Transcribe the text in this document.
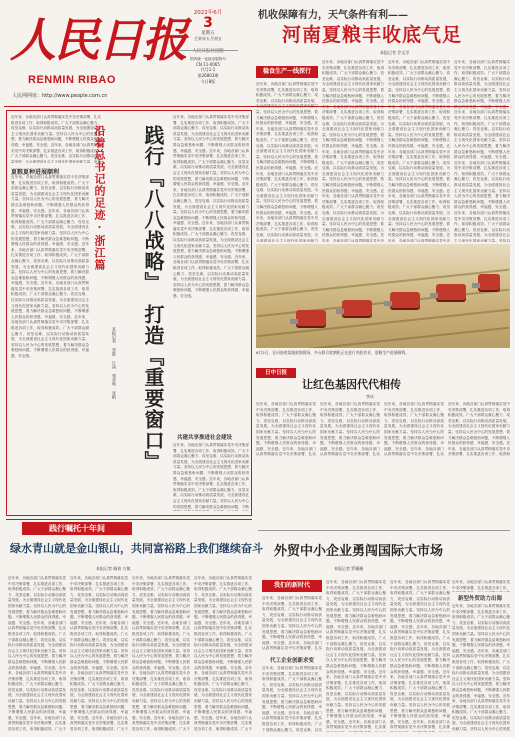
人民日报
RENMIN RIBAO
人民网网址：http://www.people.com.cn
2022年6月
3
星期五
壬寅年五月初五
人民日报社出版
国内统一连续出版物号
CN 11-0065
代号1-1
第26803期
今日8版
机收保障有力，天气条件有利——
河南夏粮丰收底气足
本报记者 乔文学
稳食生产一线探行
近年来，各地各部门认真贯彻落实党中央决策部署，扎实推进各项工作，取得积极成效。广大干部群众凝心聚力、攻坚克难，以实际行动推动高质量发展，为全面建设社会主义现代化国家贡献力量。坚持以人民为中心的发展思想，着力解决群众急难愁盼问题，不断增强人民群众的获得感、幸福感、安全感。近年来，各地各部门认真贯彻落实党中央决策部署，扎实推进各项工作，取得积极成效。广大干部群众凝心聚力、攻坚克难，以实际行动推动高质量发展，为全面建设社会主义现代化国家贡献力量。坚持以人民为中心的发展思想，着力解决群众急难愁盼问题，不断增强人民群众的获得感、幸福感、安全感。近年来，各地各部门认真贯彻落实党中央决策部署，扎实推进各项工作，取得积极成效。广大干部群众凝心聚力、攻坚克难，以实际行动推动高质量发展，为全面建设社会主义现代化国家贡献力量。坚持以人民为中心的发展思想，着力解决群众急难愁盼问题，不断增强人民群众的获得感、幸福感、安全感。近年来，各地各部门认真贯彻落实党中央决策部署，扎实推进各项工作，取得积极成效。广大干部群众凝心聚力、攻坚克难，以实际行动推动高质量发展，为全面建设社会主义现代化国家贡献力
近年来，各地各部门认真贯彻落实党中央决策部署，扎实推进各项工作，取得积极成效。广大干部群众凝心聚力、攻坚克难，以实际行动推动高质量发展，为全面建设社会主义现代化国家贡献力量。坚持以人民为中心的发展思想，着力解决群众急难愁盼问题，不断增强人民群众的获得感、幸福感、安全感。近年来，各地各部门认真贯彻落实党中央决策部署，扎实推进各项工作，取得积极成效。广大干部群众凝心聚力、攻坚克难，以实际行动推动高质量发展，为全面建设社会主义现代化国家贡献力量。坚持以人民为中心的发展思想，着力解决群众急难愁盼问题，不断增强人民群众的获得感、幸福感、安全感。近年来，各地各部门认真贯彻落实党中央决策部署，扎实推进各项工作，取得积极成效。广大干部群众凝心聚力、攻坚克难，以实际行动推动高质量发展，为全面建设社会主义现代化国家贡献力量。坚持以人民为中心的发展思想，着力解决群众急难愁盼问题，不断增强人民群众的获得感、幸福感、安全感。近年来，各地各部门认真贯彻落实党中央决策部署，扎实推进各项工作，取得积极成效。广大干部群众凝心聚力、攻坚克难，以实际行动推动高质量发展，为全面建设社会主义现代化国家贡献力量。坚持以人民为中心的发展思想，着力解决群众急难愁盼问题，不断增强人民群众的获得感、幸福感、安全感。近年来，各地各部门认真贯彻落实党中央
近年来，各地各部门认真贯彻落实党中央决策部署，扎实推进各项工作，取得积极成效。广大干部群众凝心聚力、攻坚克难，以实际行动推动高质量发展，为全面建设社会主义现代化国家贡献力量。坚持以人民为中心的发展思想，着力解决群众急难愁盼问题，不断增强人民群众的获得感、幸福感、安全感。近年来，各地各部门认真贯彻落实党中央决策部署，扎实推进各项工作，取得积极成效。广大干部群众凝心聚力、攻坚克难，以实际行动推动高质量发展，为全面建设社会主义现代化国家贡献力量。坚持以人民为中心的发展思想，着力解决群众急难愁盼问题，不断增强人民群众的获得感、幸福感、安全感。近年来，各地各部门认真贯彻落实党中央决策部署，扎实推进各项工作，取得积极成效。广大干部群众凝心聚力、攻坚克难，以实际行动推动高质量发展，为全面建设社会主义现代化国家贡献力量。坚持以人民为中心的发展思想，着力解决群众急难愁盼问题，不断增强人民群众的获得感、幸福感、安全感。近年来，各地各部门认真贯彻落实党中央决策部署，扎实推进各项工作，取得积极成效。广大干部群众凝心聚力、攻坚克难，以实际行动推动高质量发展，为全面建设社会主义现代化国家贡献力量。坚持以人民为中心的发展思想，着力解决群众急难愁盼问题，不断增强人民群众的获得感、幸福感、安全感。近年来，各地各部门认真贯彻落实党中央
近年来，各地各部门认真贯彻落实党中央决策部署，扎实推进各项工作，取得积极成效。广大干部群众凝心聚力、攻坚克难，以实际行动推动高质量发展，为全面建设社会主义现代化国家贡献力量。坚持以人民为中心的发展思想，着力解决群众急难愁盼问题，不断增强人民群众的获得感、幸福感、安全感。近年来，各地各部门认真贯彻落实党中央决策部署，扎实推进各项工作，取得积极成效。广大干部群众凝心聚力、攻坚克难，以实际行动推动高质量发展，为全面建设社会主义现代化国家贡献力量。坚持以人民为中心的发展思想，着力解决群众急难愁盼问题，不断增强人民群众的获得感、幸福感、安全感。近年来，各地各部门认真贯彻落实党中央决策部署，扎实推进各项工作，取得积极成效。广大干部群众凝心聚力、攻坚克难，以实际行动推动高质量发展，为全面建设社会主义现代化国家贡献力量。坚持以人民为中心的发展思想，着力解决群众急难愁盼问题，不断增强人民群众的获得感、幸福感、安全感。近年来，各地各部门认真贯彻落实党中央决策部署，扎实推进各项工作，取得积极成效。广大干部群众凝心聚力、攻坚克难，以实际行动推动高质量发展，为全面建设社会主义现代化国家贡献力量。坚持以
6月2日，在河南省某地收割现场，多台联合收割机正在进行麦收作业，夏粮生产进展顺利。
日中日报
让红色基因代代相传
李庆
近年来，各地各部门认真贯彻落实党中央决策部署，扎实推进各项工作，取得积极成效。广大干部群众凝心聚力、攻坚克难，以实际行动推动高质量发展，为全面建设社会主义现代化国家贡献力量。坚持以人民为中心的发展思想，着力解决群众急难愁盼问题，不断增强人民群众的获得感、幸福感、安全感。近年来，各地各部门认真贯彻落实党中央决策部署，扎实
近年来，各地各部门认真贯彻落实党中央决策部署，扎实推进各项工作，取得积极成效。广大干部群众凝心聚力、攻坚克难，以实际行动推动高质量发展，为全面建设社会主义现代化国家贡献力量。坚持以人民为中心的发展思想，着力解决群众急难愁盼问题，不断增强人民群众的获得感、幸福感、安全感。近年来，各地各部门认真贯彻落实党中央决策部署，扎实
近年来，各地各部门认真贯彻落实党中央决策部署，扎实推进各项工作，取得积极成效。广大干部群众凝心聚力、攻坚克难，以实际行动推动高质量发展，为全面建设社会主义现代化国家贡献力量。坚持以人民为中心的发展思想，着力解决群众急难愁盼问题，不断增强人民群众的获得感、幸福感、安全感。近年来，各地各部门认真贯彻落实党中央决策部署，扎实
近年来，各地各部门认真贯彻落实党中央决策部署，扎实推进各项工作，取得积极成效。广大干部群众凝心聚力、攻坚克难，以实际行动推动高质量发展，为全面建设社会主义现代化国家贡献力量。坚持以人民为中心的发展思想，着力解决群众急难愁盼问题，不断增强人民群众的获得感、幸福感、安全感。近年来，各地各部门认真贯彻落实党中央决策部署，扎实推进各项工作，取得积
近年来，各地各部门认真贯彻落实党中央决策部署，扎实推进各项工作，取得积极成效。广大干部群众凝心聚力、攻坚克难，以实际行动推动高质量发展，为全面建设社会主义现代化国家贡献力量。坚持以人民为中心的发展思想，着力解决群众急难愁盼问题，不断增强人民群众的获得感、幸福感、安全感。近年来，各地各部门认真贯彻落实党中央决策部署，扎实推进各项工作，取得积极成效。广大干部群众凝心聚力、攻坚克难，以实际行动推动高质量发展，为全面建设社会主义现代化国家贡献力量。坚持
沿着总书记的足迹·浙江篇
夏粮夏种进展顺利
近年来，各地各部门认真贯彻落实党中央决策部署，扎实推进各项工作，取得积极成效。广大干部群众凝心聚力、攻坚克难，以实际行动推动高质量发展，为全面建设社会主义现代化国家贡献力量。坚持以人民为中心的发展思想，着力解决群众急难愁盼问题，不断增强人民群众的获得感、幸福感、安全感。近年来，各地各部门认真贯彻落实党中央决策部署，扎实推进各项工作，取得积极成效。广大干部群众凝心聚力、攻坚克难，以实际行动推动高质量发展，为全面建设社会主义现代化国家贡献力量。坚持以人民为中心的发展思想，着力解决群众急难愁盼问题，不断增强人民群众的获得感、幸福感、安全感。近年来，各地各部门认真贯彻落实党中央决策部署，扎实推进各项工作，取得积极成效。广大干部群众凝心聚力、攻坚克难，以实际行动推动高质量发展，为全面建设社会主义现代化国家贡献力量。坚持以人民为中心的发展思想，着力解决群众急难愁盼问题，不断增强人民群众的获得感、幸福感、安全感。近年来，各地各部门认真贯彻落实党中央决策部署，扎实推进各项工作，取得积极成效。广大干部群众凝心聚力、攻坚克难，以实际行动推动高质量发展，为全面建设社会主义现代化国家贡献力量。坚持以人民为中心的发展思想，着力解决群众急难愁盼问题，不断增强人民群众的获得感、幸福感、安全感。近年来，各地各部门认真贯彻落实党中央决策部署，扎实推进各项工作，取得积极成效。广大干部群众凝心聚力、攻坚克难，以实际行动推动高质量发展，为全面建设社会主义现代化国家贡献力量。坚持以人民为中心的发展思想，着力解决群众急难愁盼问题，不断增强人民群众的获得感、幸福感、安全感。	践行『八八战略』　打造『重要窗口』
本报记者 窦皓 江南 郑晋鸣 张帆
近年来，各地各部门认真贯彻落实党中央决策部署，扎实推进各项工作，取得积极成效。广大干部群众凝心聚力、攻坚克难，以实际行动推动高质量发展，为全面建设社会主义现代化国家贡献力量。坚持以人民为中心的发展思想，着力解决群众急难愁盼问题，不断增强人民群众的获得感、幸福感、安全感。近年来，各地各部门认真贯彻落实党中央决策部署，扎实推进各项工作，取得积极成效。广大干部群众凝心聚力、攻坚克难，以实际行动推动高质量发展，为全面建设社会主义现代化国家贡献力量。坚持以人民为中心的发展思想，着力解决群众急难愁盼问题，不断增强人民群众的获得感、幸福感、安全感。近年来，各地各部门认真贯彻落实党中央决策部署，扎实推进各项工作，取得积极成效。广大干部群众凝心聚力、攻坚克难，以实际行动推动高质量发展，为全面建设社会主义现代化国家贡献力量。坚持以人民为中心的发展思想，着力解决群众急难愁盼问题，不断增强人民群众的获得感、幸福感、安全感。近年来，各地各部门认真贯彻落实党中央决策部署，扎实推进各项工作，取得积极成效。广大干部群众凝心聚力、攻坚克难，以实际行动推动高质量发展，为全面建设社会主义现代化国家贡献力量。坚持以人民为中心的发展思想，着力解决群众急难愁盼问题，不断增强人民群众的获得感、幸福感、安全感。近年来，各地各部门认真贯彻落实党中央决策部署，扎实推进各项工作，取得积极成效。广大干部群众凝心聚力、攻坚克难，以实际行动推动高质量发展，为全面建设社会主义现代化国家贡献力量。坚持以人民为中心的发展思想，着力解决群众急难愁盼问题，不断增强人民群众的获得感、幸福感、安全感。
共建共享推进社会建设
近年来，各地各部门认真贯彻落实党中央决策部署，扎实推进各项工作，取得积极成效。广大干部群众凝心聚力、攻坚克难，以实际行动推动高质量发展，为全面建设社会主义现代化国家贡献力量。坚持以人民为中心的发展思想，着力解决群众急难愁盼问题，不断增强人民群众的获得感、幸福感、安全感。近年来，各地各部门认真贯彻落实党中央决策部署，扎实推进各项工作，取得积极成效。广大干部群众凝心聚力、攻坚克难，以实际行动推动高质量发展，为全面建设社会主义现代化国家贡献力量。坚持以人民为中心的发展思想，着力解决群众急难愁盼问题，不断
践行嘱托十年间
绿水青山就是金山银山，共同富裕路上我们继续奋斗
本报记者 顾春 方敏
近年来，各地各部门认真贯彻落实党中央决策部署，扎实推进各项工作，取得积极成效。广大干部群众凝心聚力、攻坚克难，以实际行动推动高质量发展，为全面建设社会主义现代化国家贡献力量。坚持以人民为中心的发展思想，着力解决群众急难愁盼问题，不断增强人民群众的获得感、幸福感、安全感。近年来，各地各部门认真贯彻落实党中央决策部署，扎实推进各项工作，取得积极成效。广大干部群众凝心聚力、攻坚克难，以实际行动推动高质量发展，为全面建设社会主义现代化国家贡献力量。坚持以人民为中心的发展思想，着力解决群众急难愁盼问题，不断增强人民群众的获得感、幸福感、安全感。近年来，各地各部门认真贯彻落实党中央决策部署，扎实推进各项工作，取得积极成效。广大干部群众凝心聚力、攻坚克难，以实际行动推动高质量发展，为全面建设社会主义现代化国家贡献力量。坚持以人民为中心的发展思想，着力解决群众急难愁盼问题，不断增强人民群众的获得感、幸福感、安全感。近年来，各地各部门认真贯彻落实党中央决策部署，扎实推进各项工作，取得积极成效。广大干
近年来，各地各部门认真贯彻落实党中央决策部署，扎实推进各项工作，取得积极成效。广大干部群众凝心聚力、攻坚克难，以实际行动推动高质量发展，为全面建设社会主义现代化国家贡献力量。坚持以人民为中心的发展思想，着力解决群众急难愁盼问题，不断增强人民群众的获得感、幸福感、安全感。近年来，各地各部门认真贯彻落实党中央决策部署，扎实推进各项工作，取得积极成效。广大干部群众凝心聚力、攻坚克难，以实际行动推动高质量发展，为全面建设社会主义现代化国家贡献力量。坚持以人民为中心的发展思想，着力解决群众急难愁盼问题，不断增强人民群众的获得感、幸福感、安全感。近年来，各地各部门认真贯彻落实党中央决策部署，扎实推进各项工作，取得积极成效。广大干部群众凝心聚力、攻坚克难，以实际行动推动高质量发展，为全面建设社会主义现代化国家贡献力量。坚持以人民为中心的发展思想，着力解决群众急难愁盼问题，不断增强人民群众的获得感、幸福感、安全感。近年来，各地各部门认真贯彻落实党中央决策部署，扎实推进各项工作，取得积极成效。广大干
近年来，各地各部门认真贯彻落实党中央决策部署，扎实推进各项工作，取得积极成效。广大干部群众凝心聚力、攻坚克难，以实际行动推动高质量发展，为全面建设社会主义现代化国家贡献力量。坚持以人民为中心的发展思想，着力解决群众急难愁盼问题，不断增强人民群众的获得感、幸福感、安全感。近年来，各地各部门认真贯彻落实党中央决策部署，扎实推进各项工作，取得积极成效。广大干部群众凝心聚力、攻坚克难，以实际行动推动高质量发展，为全面建设社会主义现代化国家贡献力量。坚持以人民为中心的发展思想，着力解决群众急难愁盼问题，不断增强人民群众的获得感、幸福感、安全感。近年来，各地各部门认真贯彻落实党中央决策部署，扎实推进各项工作，取得积极成效。广大干部群众凝心聚力、攻坚克难，以实际行动推动高质量发展，为全面建设社会主义现代化国家贡献力量。坚持以人民为中心的发展思想，着力解决群众急难愁盼问题，不断增强人民群众的获得感、幸福感、安全感。近年来，各地各部门认真贯彻落实党中央决策部署，扎实推进各项工作，取得积极成效。广大干
近年来，各地各部门认真贯彻落实党中央决策部署，扎实推进各项工作，取得积极成效。广大干部群众凝心聚力、攻坚克难，以实际行动推动高质量发展，为全面建设社会主义现代化国家贡献力量。坚持以人民为中心的发展思想，着力解决群众急难愁盼问题，不断增强人民群众的获得感、幸福感、安全感。近年来，各地各部门认真贯彻落实党中央决策部署，扎实推进各项工作，取得积极成效。广大干部群众凝心聚力、攻坚克难，以实际行动推动高质量发展，为全面建设社会主义现代化国家贡献力量。坚持以人民为中心的发展思想，着力解决群众急难愁盼问题，不断增强人民群众的获得感、幸福感、安全感。近年来，各地各部门认真贯彻落实党中央决策部署，扎实推进各项工作，取得积极成效。广大干部群众凝心聚力、攻坚克难，以实际行动推动高质量发展，为全面建设社会主义现代化国家贡献力量。坚持以人民为中心的发展思想，着力解决群众急难愁盼问题，不断增强人民群众的获得感、幸福感、安全感。近年来，各地各部门认真贯彻落实党中央决策部署，扎实推进各项工作，取得积极成效。广大干
外贸中小企业勇闯国际大市场
本报记者 罗珊珊
我们的新时代
近年来，各地各部门认真贯彻落实党中央决策部署，扎实推进各项工作，取得积极成效。广大干部群众凝心聚力、攻坚克难，以实际行动推动高质量发展，为全面建设社会主义现代化国家贡献力量。坚持以人民为中心的发展思想，着力解决群众急难愁盼问题，不断增强人民群众的获得感、幸福感、安全感。近年来，各地各部门认真贯彻落实党中央决策部署，扎实
代工企业创新求变
近年来，各地各部门认真贯彻落实党中央决策部署，扎实推进各项工作，取得积极成效。广大干部群众凝心聚力、攻坚克难，以实际行动推动高质量发展，为全面建设社会主义现代化国家贡献力量。坚持以人民为中心的发展思想，着力解决群众急难愁盼问题，不断增强人民群众的获得感、幸福感、安全感。近年来，各地各部门认真贯彻落实党中央决策部署，扎实推进各项工作，取得积极成效。广大干部群众凝心聚力、攻坚克难，以实
近年来，各地各部门认真贯彻落实党中央决策部署，扎实推进各项工作，取得积极成效。广大干部群众凝心聚力、攻坚克难，以实际行动推动高质量发展，为全面建设社会主义现代化国家贡献力量。坚持以人民为中心的发展思想，着力解决群众急难愁盼问题，不断增强人民群众的获得感、幸福感、安全感。近年来，各地各部门认真贯彻落实党中央决策部署，扎实推进各项工作，取得积极成效。广大干部群众凝心聚力、攻坚克难，以实际行动推动高质量发展，为全面建设社会主义现代化国家贡献力量。坚持以人民为中心的发展思想，着力解决群众急难愁盼问题，不断增强人民群众的获得感、幸福感、安全感。近年来，各地各部门认真贯彻落实党中央决策部署，扎实推进各项工作，取得积极成效。广大干部群众凝心聚力、攻坚克难，以实际行动推动高质量发展，为全面建设社会主义现代化国家贡献力量。坚持以人民为中心的发展思想，着力解决群众急难愁盼问题，不断增强人民群众的获得感、幸福感、安全感。近年来，各地各部门认真贯彻落实党中央决策部署，扎实推
近年来，各地各部门认真贯彻落实党中央决策部署，扎实推进各项工作，取得积极成效。广大干部群众凝心聚力、攻坚克难，以实际行动推动高质量发展，为全面建设社会主义现代化国家贡献力量。坚持以人民为中心的发展思想，着力解决群众急难愁盼问题，不断增强人民群众的获得感、幸福感、安全感。近年来，各地各部门认真贯彻落实党中央决策部署，扎实推进各项工作，取得积极成效。广大干部群众凝心聚力、攻坚克难，以实际行动推动高质量发展，为全面建设社会主义现代化国家贡献力量。坚持以人民为中心的发展思想，着力解决群众急难愁盼问题，不断增强人民群众的获得感、幸福感、安全感。近年来，各地各部门认真贯彻落实党中央决策部署，扎实推进各项工作，取得积极成效。广大干部群众凝心聚力、攻坚克难，以实际行动推动高质量发展，为全面建设社会主义现代化国家贡献力量。坚持以人民为中心的发展思想，着力解决群众急难愁盼问题，不断增强人民群众的获得感、幸福感、安全感。近年来，各地各部门认真贯彻落实党中央决策部署，扎实推
近年来，各地各部门认真贯彻落实党中央决策部署，扎实推进各项工作，
新型外贸助力出海
近年来，各地各部门认真贯彻落实党中央决策部署，扎实推进各项工作，取得积极成效。广大干部群众凝心聚力、攻坚克难，以实际行动推动高质量发展，为全面建设社会主义现代化国家贡献力量。坚持以人民为中心的发展思想，着力解决群众急难愁盼问题，不断增强人民群众的获得感、幸福感、安全感。近年来，各地各部门认真贯彻落实党中央决策部署，扎实推进各项工作，取得积极成效。广大干部群众凝心聚力、攻坚克难，以实际行动推动高质量发展，为全面建设社会主义现代化国家贡献力量。坚持以人民为中心的发展思想，着力解决群众急难愁盼问题，不断增强人民群众的获得感、幸福感、安全感。近年来，各地各部门认真贯彻落实党中央决策部署，扎实推进各项工作，取得积极成效。广大干部群众凝心聚力、攻坚克难，以实际行动推动高质量发展，为全面建设社会主义现代化国家贡献力量。坚持以人民为中心的发展
